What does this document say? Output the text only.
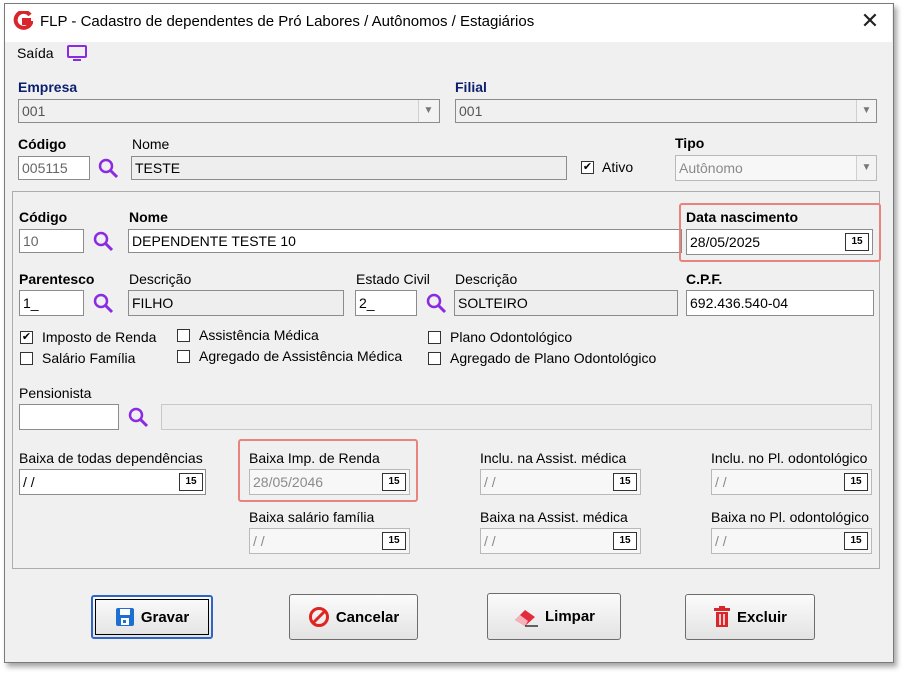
FLP - Cadastro de dependentes de Pró Labores / Autônomos / Estagiários	✕
Saída
Empresa
001	▼
Filial
001	▼
Código
005115
Nome
TESTE	✔ Ativo
Tipo
Autônomo	▼
Código
10
Nome
DEPENDENTE TESTE 10
Data nascimento
28/05/2025	15
Parentesco
1_
Descrição
FILHO
Estado Civil
2_
Descrição
SOLTEIRO
C.P.F.
692.436.540-04
✔ Imposto de Renda
Salário Família
Assistência Médica
Agregado de Assistência Médica
Plano Odontológico
Agregado de Plano Odontológico
Pensionista
Baixa de todas dependências
/ /	15
Baixa Imp. de Renda
28/05/2046	15
Baixa salário família
/ /	15
Inclu. na Assist. médica
/ /	15
Baixa na Assist. médica
/ /	15
Inclu. no Pl. odontológico
/ /	15
Baixa no Pl. odontológico
/ /	15
Gravar	Cancelar	Limpar	Excluir
